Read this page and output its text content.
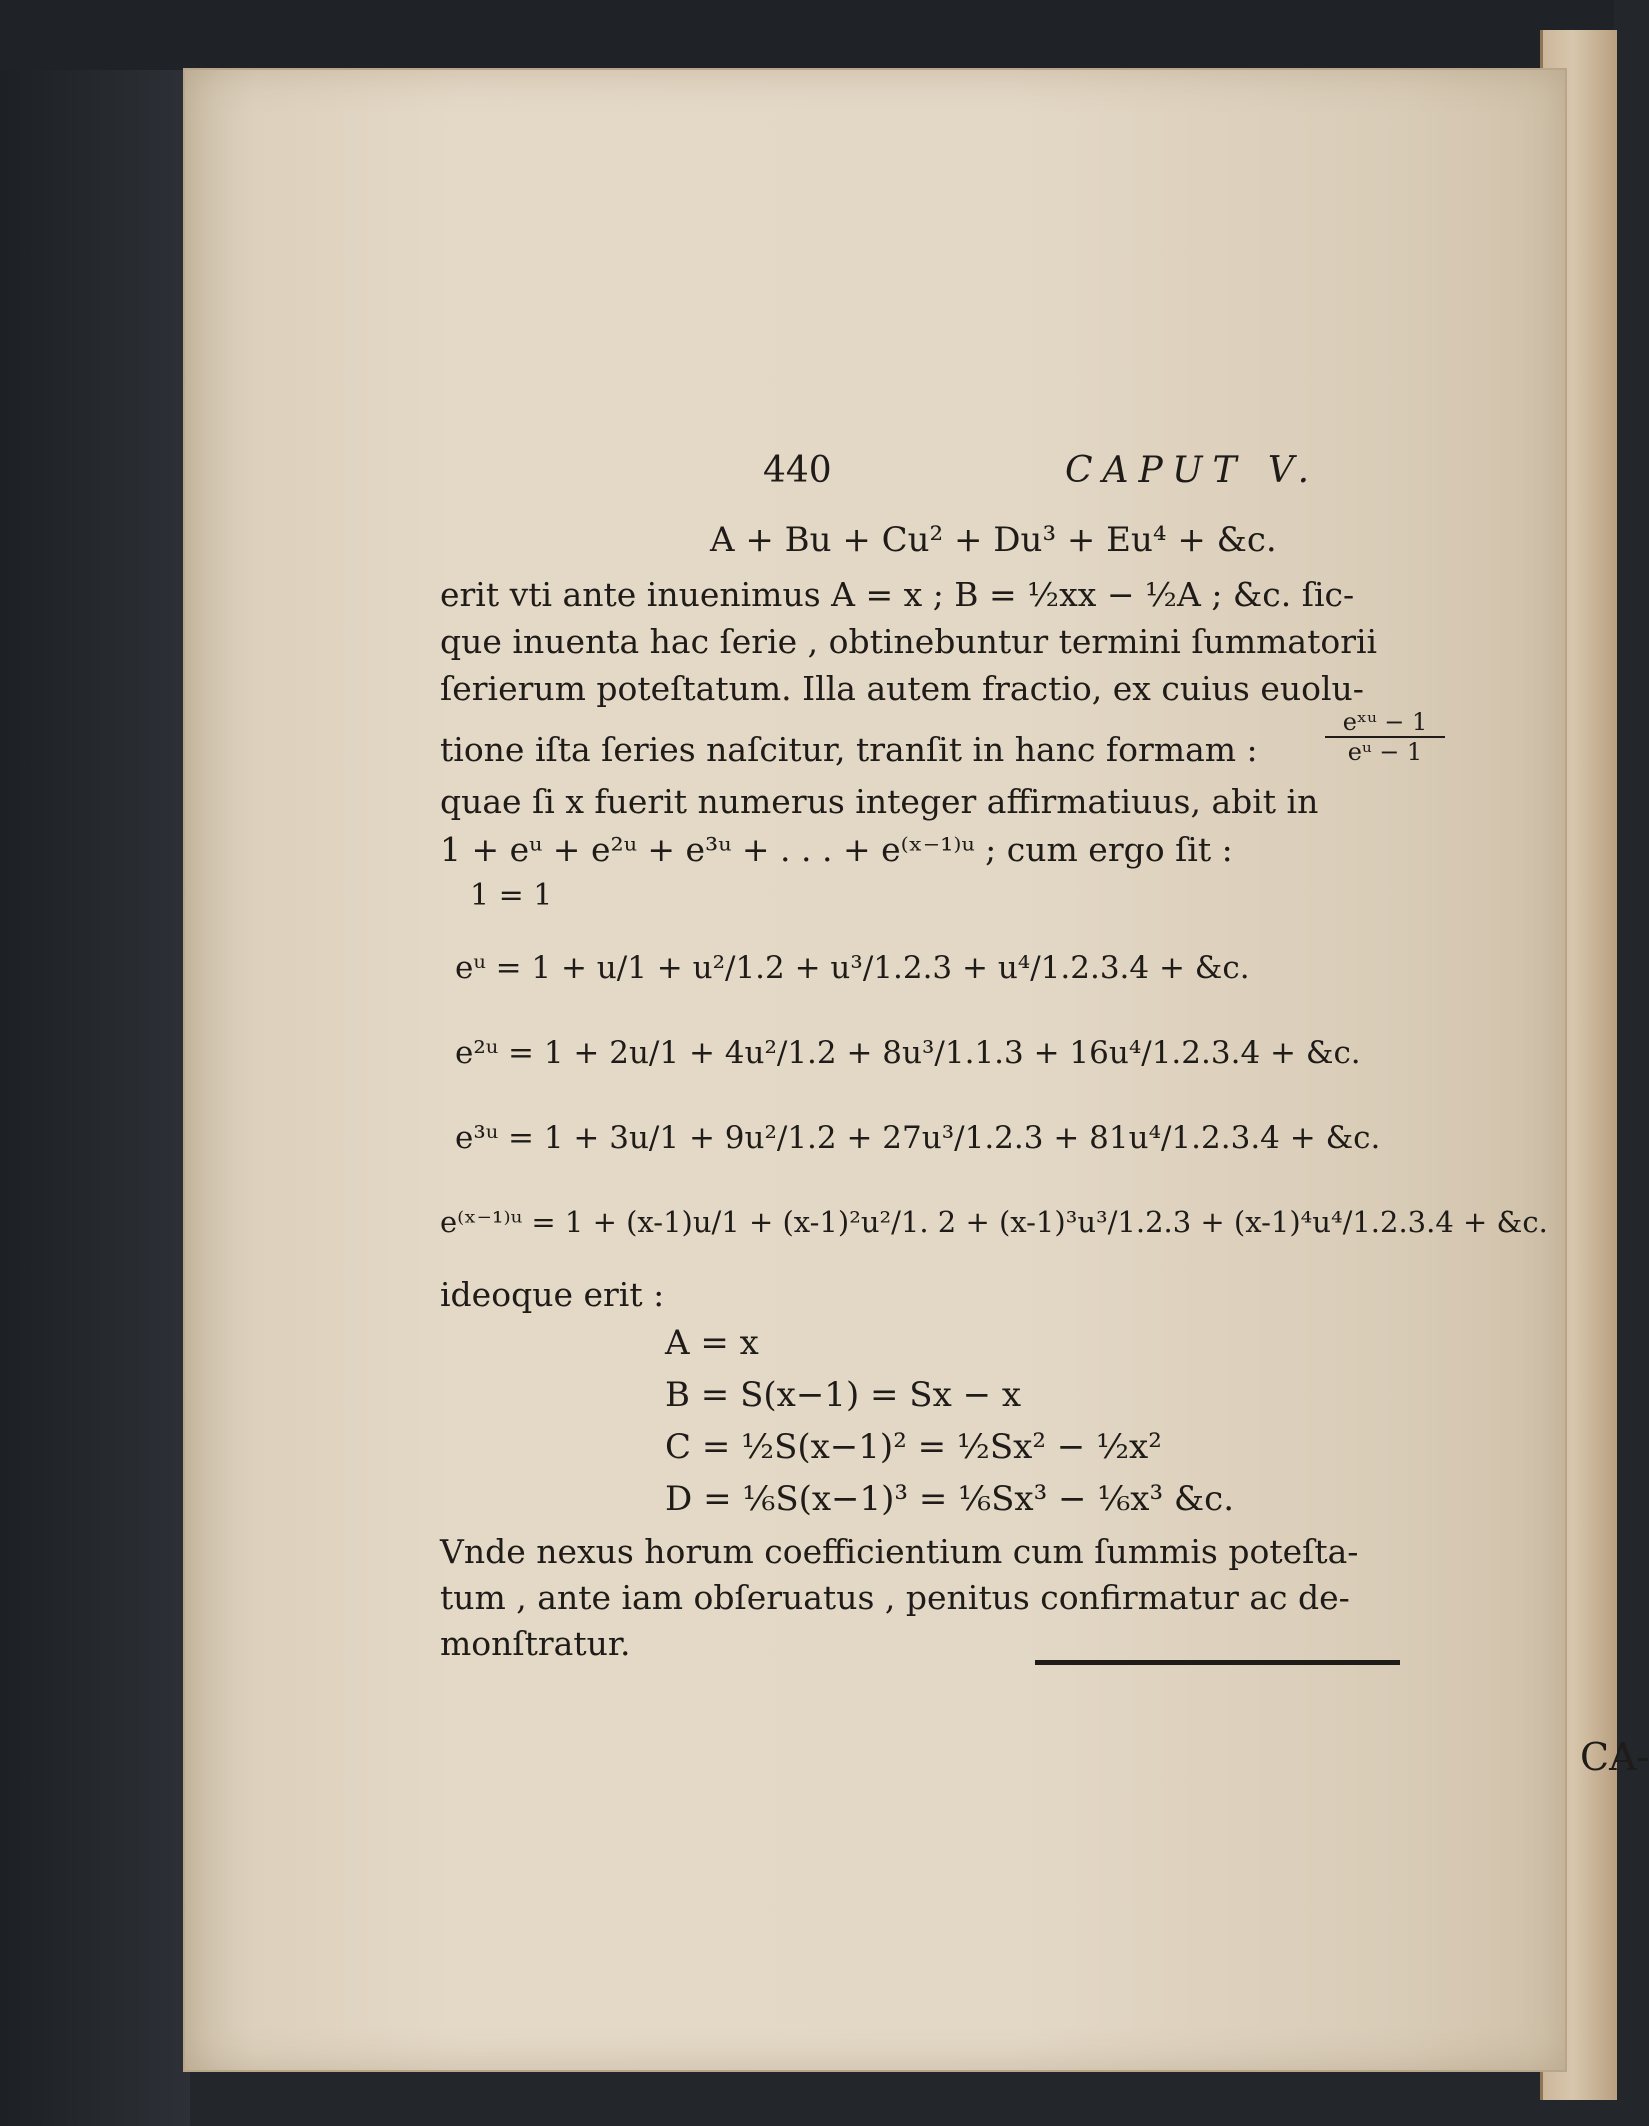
440	CAPUT V.
A + Bu + Cu² + Du³ + Eu⁴ + &c.
erit vti ante inuenimus A = x ; B = ½xx − ½A ; &c. ſic-
que inuenta hac ſerie , obtinebuntur termini ſummatorii
ſerierum poteſtatum. Illa autem fractio, ex cuius euolu-
tione iſta ſeries naſcitur, tranſit in hanc formam :
eˣᵘ − 1
eᵘ − 1
quae ſi x fuerit numerus integer affirmatiuus, abit in
1 + eᵘ + e²ᵘ + e³ᵘ + . . . + e⁽ˣ⁻¹⁾ᵘ ; cum ergo ſit :
1 = 1
eᵘ = 1 + u/1 + u²/1.2 + u³/1.2.3 + u⁴/1.2.3.4 + &c.
e²ᵘ = 1 + 2u/1 + 4u²/1.2 + 8u³/1.1.3 + 16u⁴/1.2.3.4 + &c.
e³ᵘ = 1 + 3u/1 + 9u²/1.2 + 27u³/1.2.3 + 81u⁴/1.2.3.4 + &c.
e⁽ˣ⁻¹⁾ᵘ = 1 + (x-1)u/1 + (x-1)²u²/1. 2 + (x-1)³u³/1.2.3 + (x-1)⁴u⁴/1.2.3.4 + &c.
ideoque erit :
A = x
B = S(x−1) = Sx − x
C = ½S(x−1)² = ½Sx² − ½x²
D = ⅙S(x−1)³ = ⅙Sx³ − ⅙x³ &c.
Vnde nexus horum coefficientium cum ſummis poteſta-
tum , ante iam obſeruatus , penitus confirmatur ac de-
monſtratur.
CA-
